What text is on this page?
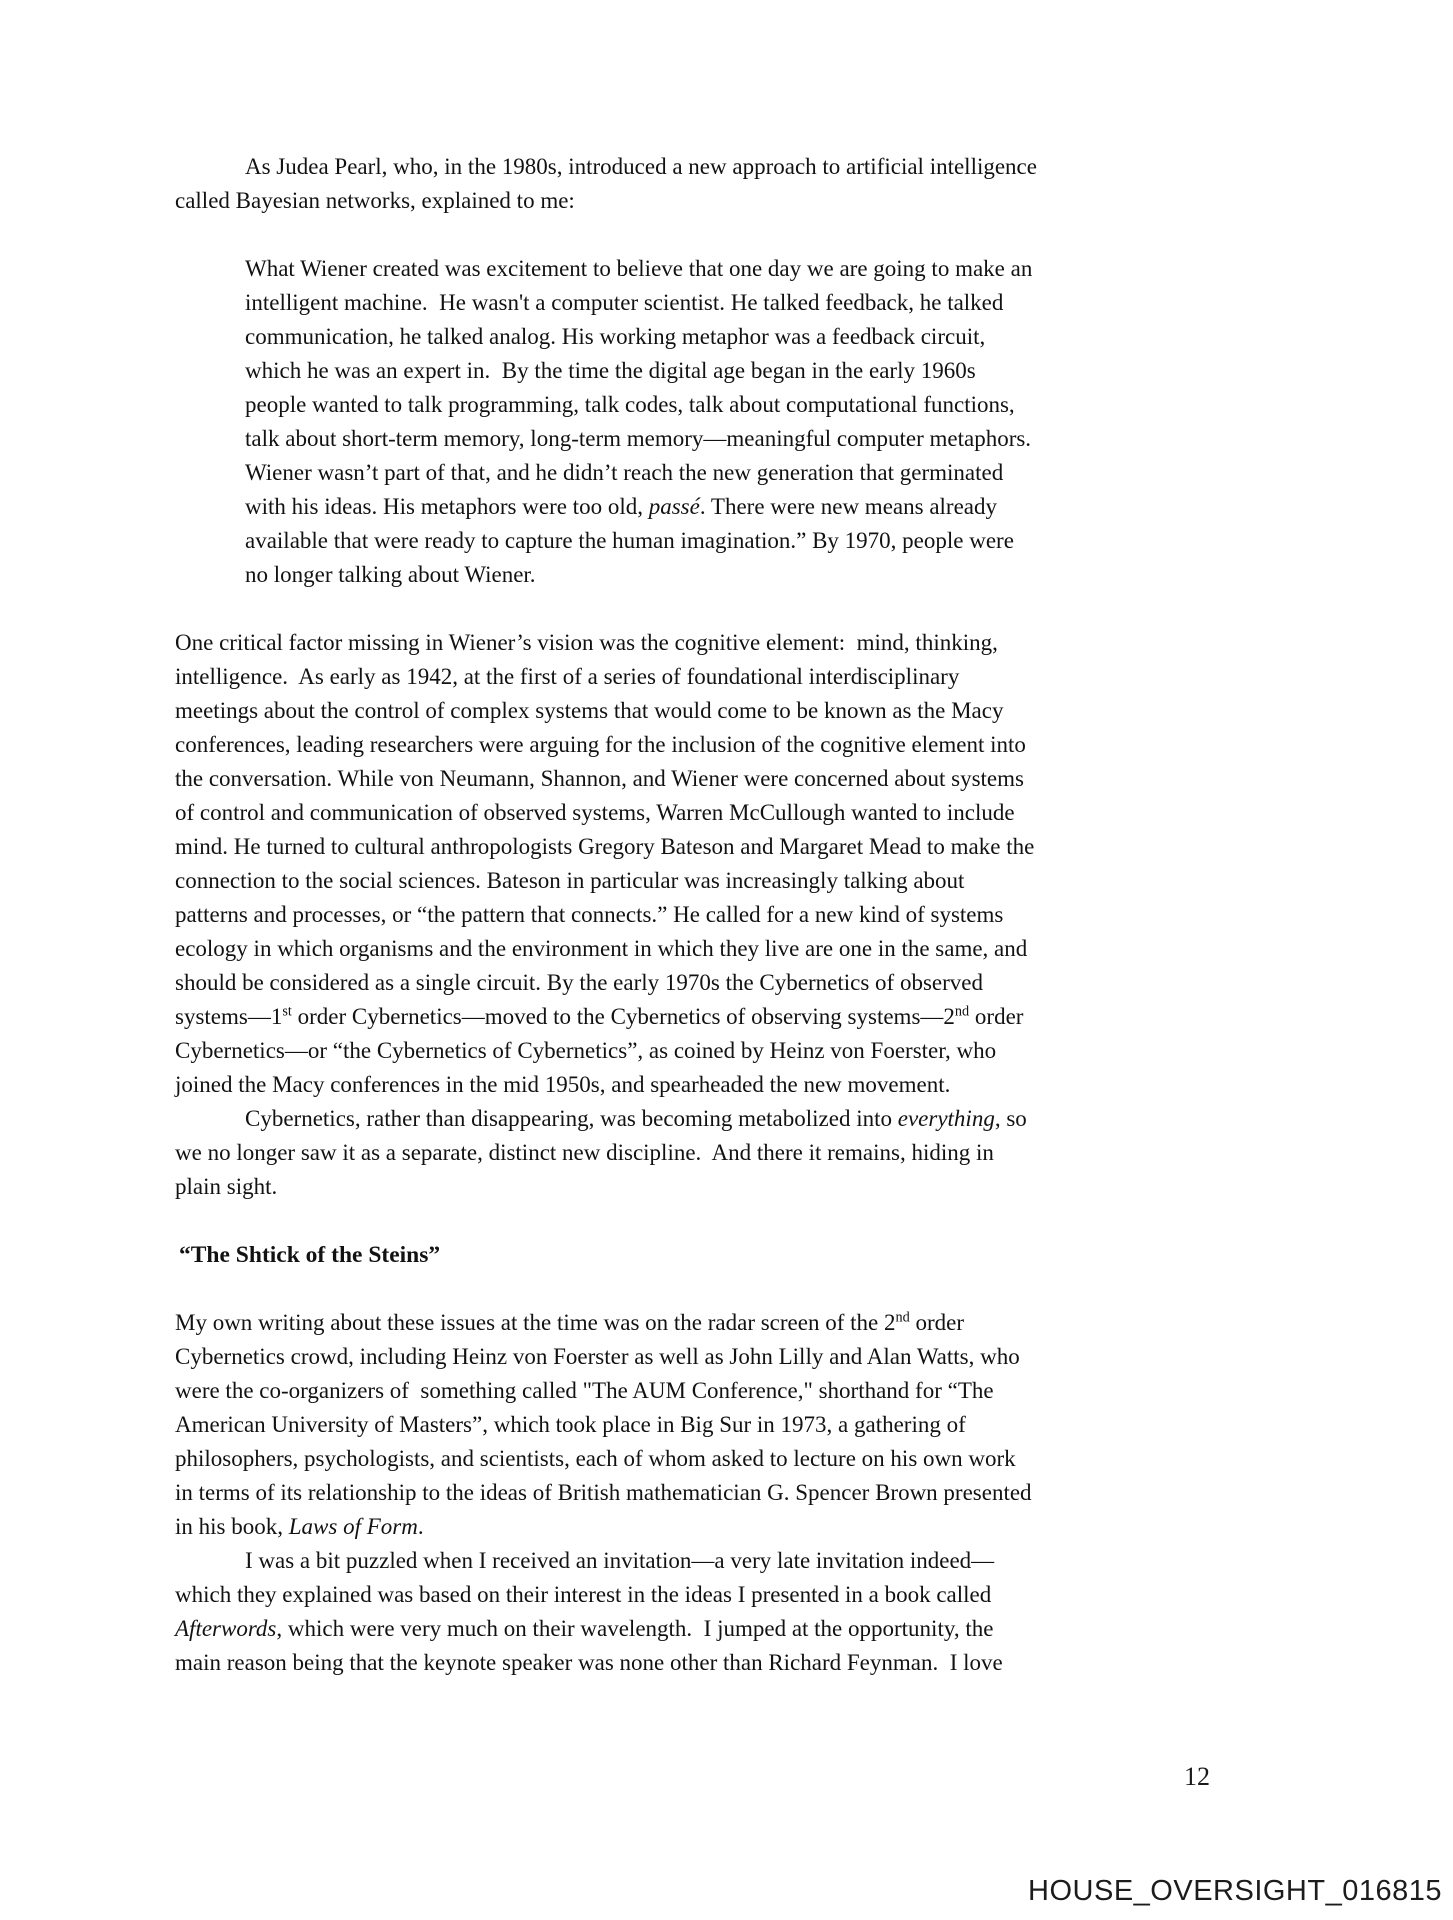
As Judea Pearl, who, in the 1980s, introduced a new approach to artificial intelligence called Bayesian networks, explained to me:

What Wiener created was excitement to believe that one day we are going to make an intelligent machine.  He wasn't a computer scientist. He talked feedback, he talked communication, he talked analog. His working metaphor was a feedback circuit, which he was an expert in.  By the time the digital age began in the early 1960s people wanted to talk programming, talk codes, talk about computational functions, talk about short-term memory, long-term memory—meaningful computer metaphors. Wiener wasn’t part of that, and he didn’t reach the new generation that germinated with his ideas. His metaphors were too old, passé. There were new means already available that were ready to capture the human imagination.” By 1970, people were no longer talking about Wiener.

One critical factor missing in Wiener’s vision was the cognitive element:  mind, thinking, intelligence.  As early as 1942, at the first of a series of foundational interdisciplinary meetings about the control of complex systems that would come to be known as the Macy conferences, leading researchers were arguing for the inclusion of the cognitive element into the conversation. While von Neumann, Shannon, and Wiener were concerned about systems of control and communication of observed systems, Warren McCullough wanted to include mind. He turned to cultural anthropologists Gregory Bateson and Margaret Mead to make the connection to the social sciences. Bateson in particular was increasingly talking about patterns and processes, or “the pattern that connects.” He called for a new kind of systems ecology in which organisms and the environment in which they live are one in the same, and should be considered as a single circuit. By the early 1970s the Cybernetics of observed systems—1st order Cybernetics—moved to the Cybernetics of observing systems—2nd order Cybernetics—or “the Cybernetics of Cybernetics”, as coined by Heinz von Foerster, who joined the Macy conferences in the mid 1950s, and spearheaded the new movement.

Cybernetics, rather than disappearing, was becoming metabolized into everything, so we no longer saw it as a separate, distinct new discipline.  And there it remains, hiding in plain sight.

“The Shtick of the Steins”

My own writing about these issues at the time was on the radar screen of the 2nd order Cybernetics crowd, including Heinz von Foerster as well as John Lilly and Alan Watts, who were the co-organizers of  something called "The AUM Conference," shorthand for “The American University of Masters”, which took place in Big Sur in 1973, a gathering of philosophers, psychologists, and scientists, each of whom asked to lecture on his own work in terms of its relationship to the ideas of British mathematician G. Spencer Brown presented in his book, Laws of Form.

I was a bit puzzled when I received an invitation—a very late invitation indeed—which they explained was based on their interest in the ideas I presented in a book called Afterwords, which were very much on their wavelength.  I jumped at the opportunity, the main reason being that the keynote speaker was none other than Richard Feynman.  I love

12
HOUSE_OVERSIGHT_016815
